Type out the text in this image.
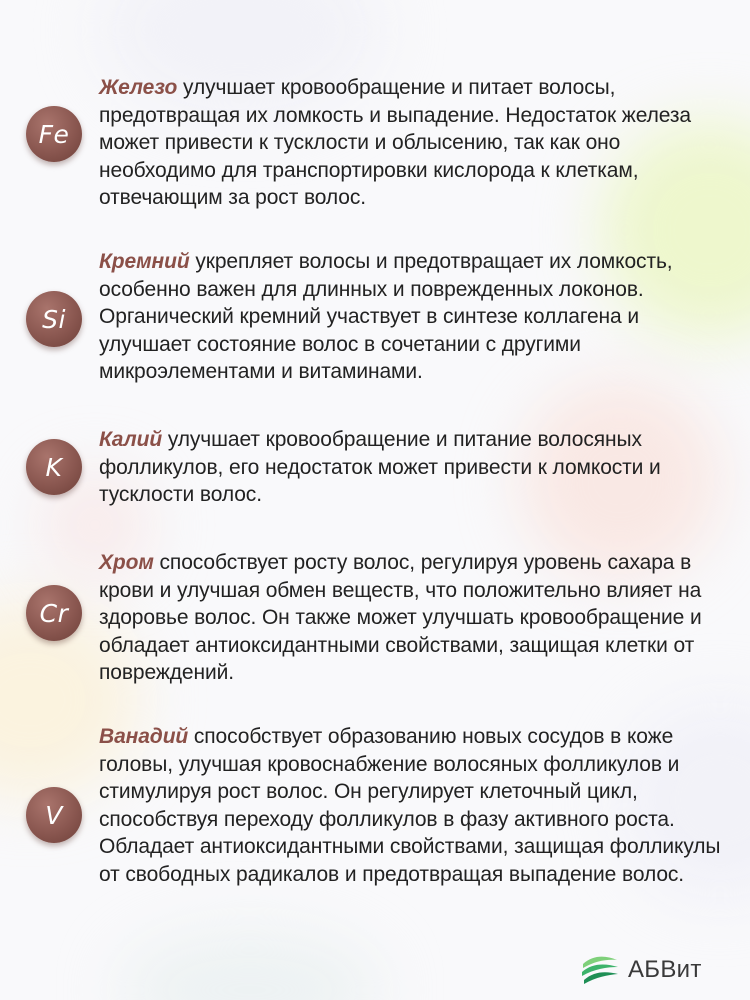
Fe
Железо улучшает кровообращение и питает волосы, предотвращая их ломкость и выпадение. Недостаток железа может привести к тусклости и облысению, так как оно необходимо для транспортировки кислорода к клеткам, отвечающим за рост волос.
Si
Кремний укрепляет волосы и предотвращает их ломкость, особенно важен для длинных и поврежденных локонов. Органический кремний участвует в синтезе коллагена и улучшает состояние волос в сочетании с другими микроэлементами и витаминами.
K
Калий улучшает кровообращение и питание волосяных фолликулов, его недостаток может привести к ломкости и тусклости волос.
Cr
Хром способствует росту волос, регулируя уровень сахара в крови и улучшая обмен веществ, что положительно влияет на здоровье волос. Он также может улучшать кровообращение и обладает антиоксидантными свойствами, защищая клетки от повреждений.
V
Ванадий способствует образованию новых сосудов в коже головы, улучшая кровоснабжение волосяных фолликулов и стимулируя рост волос. Он регулирует клеточный цикл, способствуя переходу фолликулов в фазу активного роста. Обладает антиоксидантными свойствами, защищая фолликулы от свободных радикалов и предотвращая выпадение волос.
АБВит
